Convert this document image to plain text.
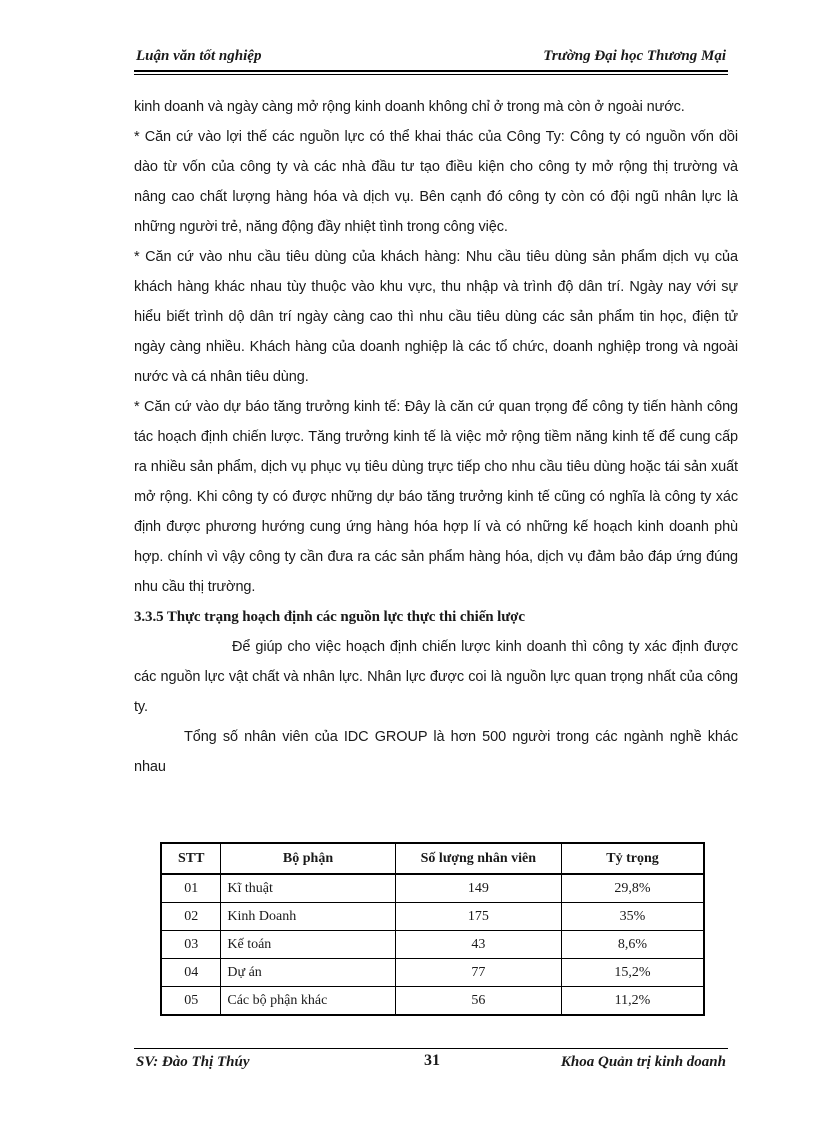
Luận văn tốt nghiệp	Trường Đại học Thương Mại

kinh doanh và ngày càng mở rộng kinh doanh không chỉ ở trong mà còn ở ngoài nước.

* Căn cứ vào lợi thế các nguồn lực có thể khai thác của Công Ty: Công ty có nguồn vốn dồi dào từ vốn của công ty và các nhà đầu tư tạo điều kiện cho công ty mở rộng thị trường và nâng cao chất lượng hàng hóa và dịch vụ. Bên cạnh đó công ty còn có đội ngũ nhân lực là những người trẻ, năng động đầy nhiệt tình trong công việc.

* Căn cứ vào nhu cầu tiêu dùng của khách hàng: Nhu cầu tiêu dùng sản phẩm dịch vụ của khách hàng khác nhau tùy thuộc vào khu vực, thu nhập và trình độ dân trí. Ngày nay với sự hiểu biết trình dộ dân trí ngày càng cao thì nhu cầu tiêu dùng các sản phẩm tin học, điện tử ngày càng nhiều. Khách hàng của doanh nghiệp là các tổ chức, doanh nghiệp trong và ngoài nước và cá nhân tiêu dùng.

* Căn cứ vào dự báo tăng trưởng kinh tế: Đây là căn cứ quan trọng để công ty tiến hành công tác hoạch định chiến lược. Tăng trưởng kinh tế là việc mở rộng tiềm năng kinh tế để cung cấp ra nhiều sản phẩm, dịch vụ phục vụ tiêu dùng trực tiếp cho nhu cầu tiêu dùng hoặc tái sản xuất mở rộng. Khi công ty có được những dự báo tăng trưởng kinh tế cũng có nghĩa là công ty xác định được phương hướng cung ứng hàng hóa hợp lí và có những kế hoạch kinh doanh phù hợp. chính vì vậy công ty cần đưa ra các sản phẩm hàng hóa, dịch vụ đảm bảo đáp ứng đúng nhu cầu thị trường.

3.3.5 Thực trạng hoạch định các nguồn lực thực thi chiến lược

Để giúp cho việc hoạch định chiến lược kinh doanh thì công ty xác định được các nguồn lực vật chất và nhân lực. Nhân lực được coi là nguồn lực quan trọng nhất của công ty.

Tổng số nhân viên của IDC GROUP là hơn 500 người trong các ngành nghề khác nhau

STT	Bộ phận	Số lượng nhân viên	Tỷ trọng
01	Kĩ thuật	149	29,8%
02	Kinh Doanh	175	35%
03	Kế toán	43	8,6%
04	Dự án	77	15,2%
05	Các bộ phận khác	56	11,2%
SV: Đào Thị Thúy	31	Khoa Quản trị kinh doanh
